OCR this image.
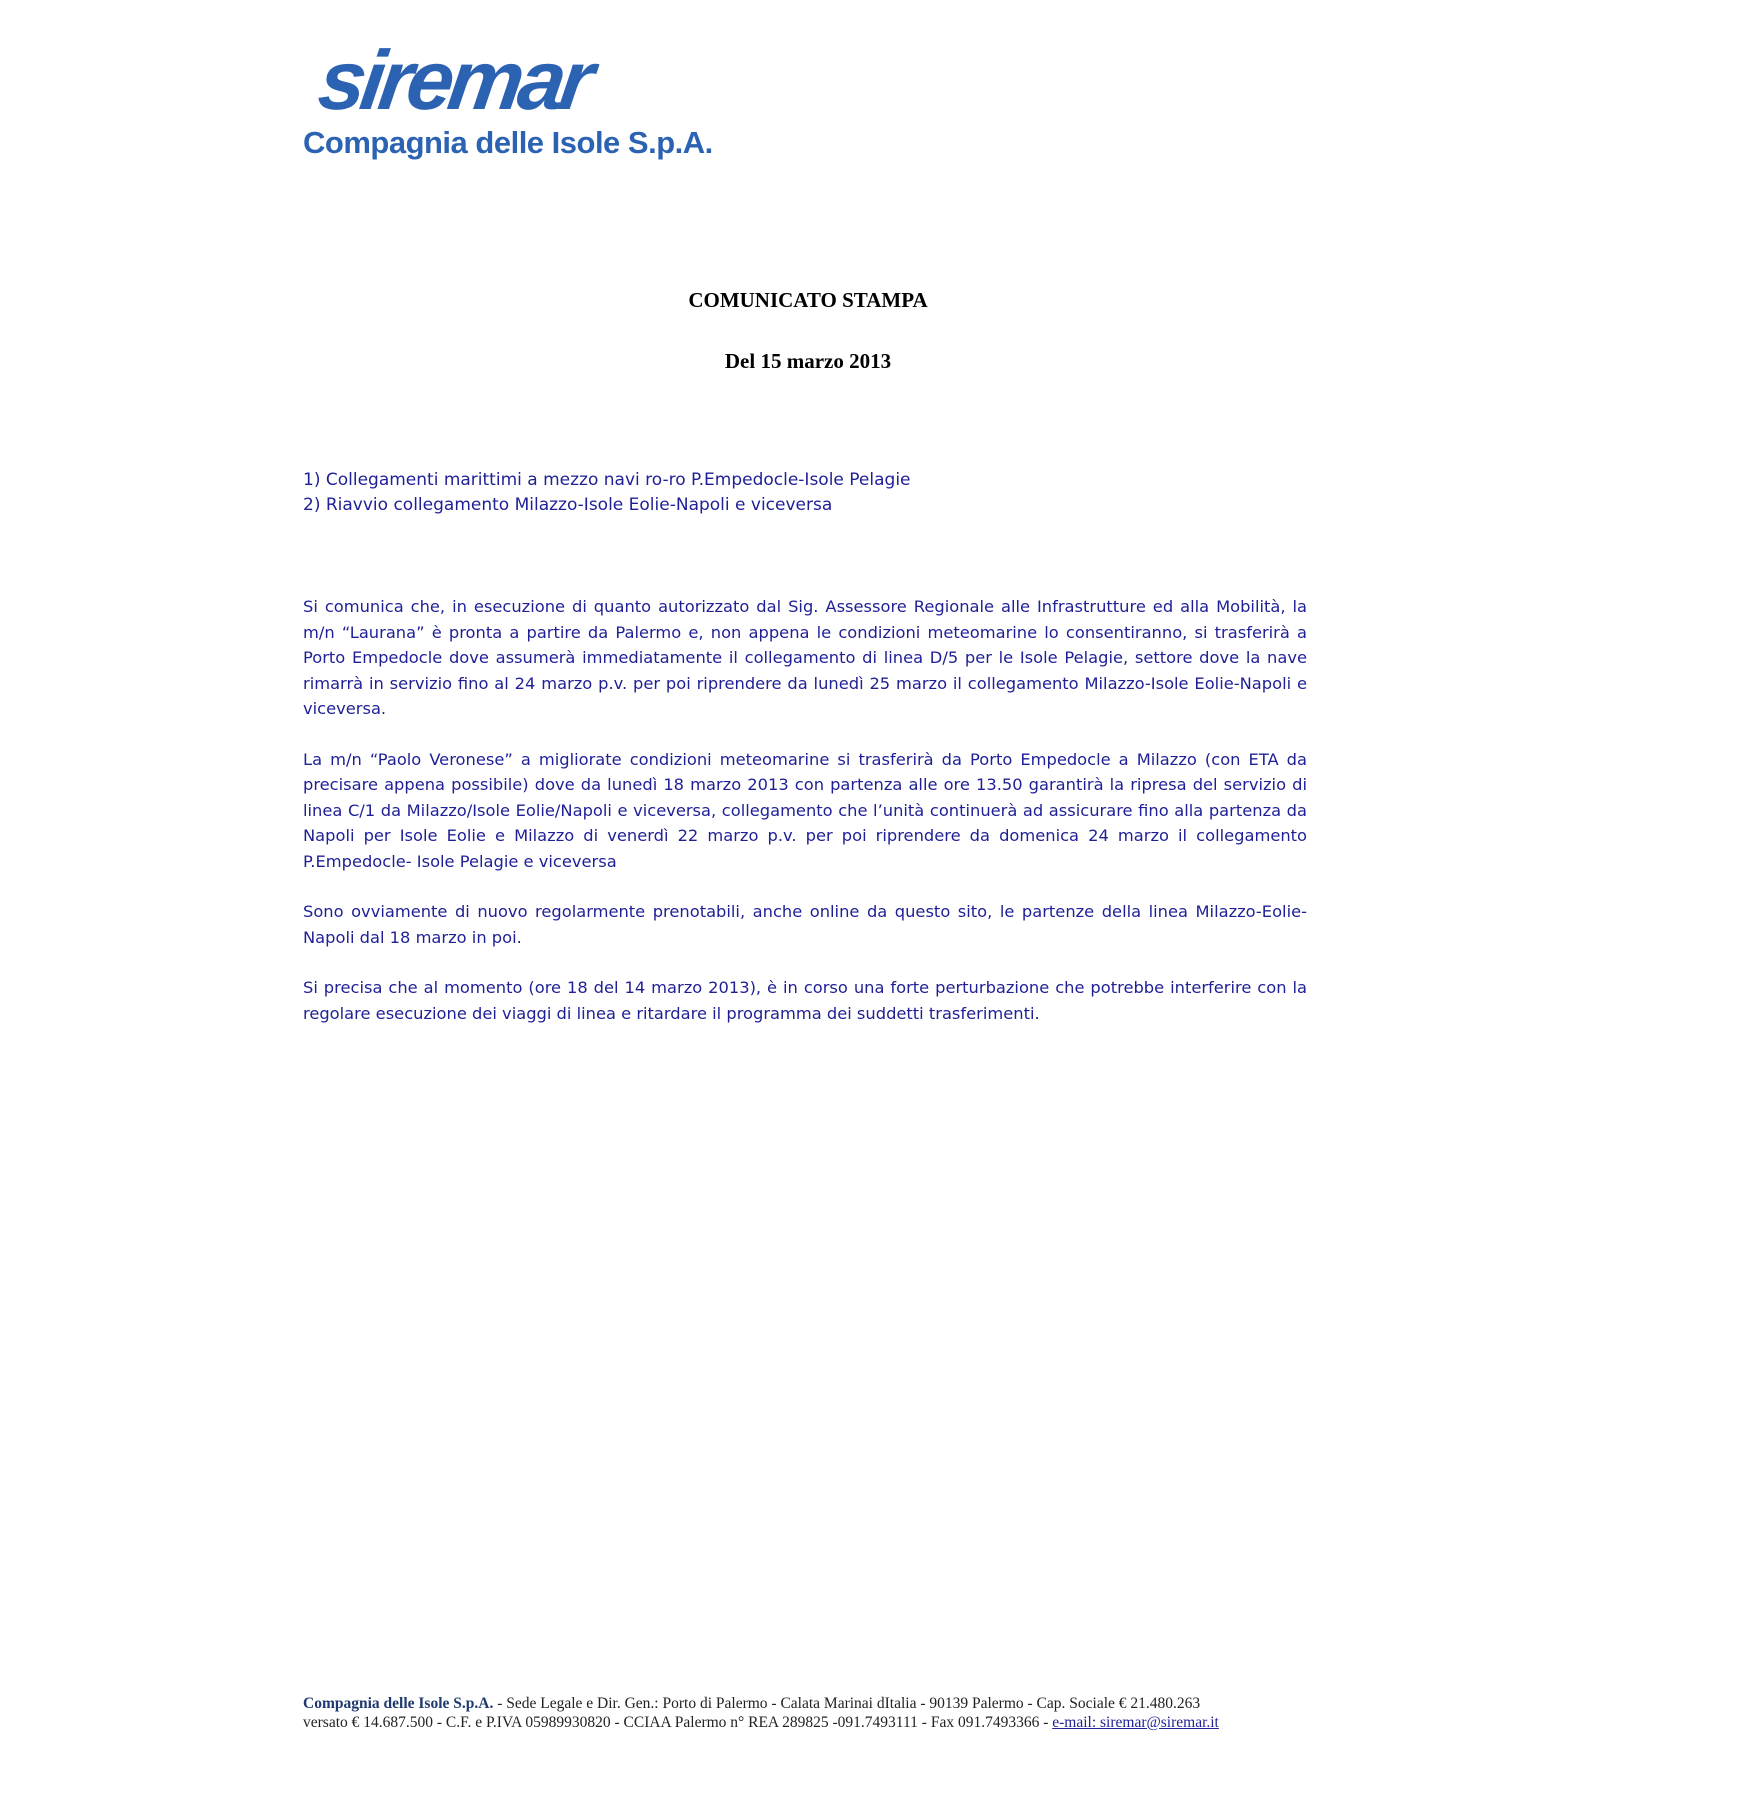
siremar
Compagnia delle Isole S.p.A.
COMUNICATO STAMPA
Del 15 marzo 2013
1) Collegamenti marittimi a mezzo navi ro-ro P.Empedocle-Isole Pelagie
2) Riavvio collegamento Milazzo-Isole Eolie-Napoli e viceversa

Si comunica che, in esecuzione di quanto autorizzato dal Sig. Assessore Regionale alle Infrastrutture ed alla Mobilità, la m/n “Laurana” è pronta a partire da Palermo e, non appena le condizioni meteomarine lo consentiranno, si trasferirà a Porto Empedocle dove assumerà immediatamente il collegamento di linea D/5 per le Isole Pelagie, settore dove la nave rimarrà in servizio fino al 24 marzo p.v. per poi riprendere da lunedì 25 marzo il collegamento Milazzo-Isole Eolie-Napoli e viceversa.

La m/n “Paolo Veronese” a migliorate condizioni meteomarine si trasferirà da Porto Empedocle a Milazzo (con ETA da precisare appena possibile) dove da lunedì 18 marzo 2013 con partenza alle ore 13.50 garantirà la ripresa del servizio di linea C/1 da Milazzo/Isole Eolie/Napoli e viceversa, collegamento che l’unità continuerà ad assicurare fino alla partenza da Napoli per Isole Eolie e Milazzo di venerdì 22 marzo p.v. per poi riprendere da domenica 24 marzo il collegamento P.Empedocle- Isole Pelagie e viceversa

Sono ovviamente di nuovo regolarmente prenotabili, anche online da questo sito, le partenze della linea Milazzo-Eolie-Napoli dal 18 marzo in poi.

Si precisa che al momento (ore 18 del 14 marzo 2013), è in corso una forte perturbazione che potrebbe interferire con la regolare esecuzione dei viaggi di linea e ritardare il programma dei suddetti trasferimenti.

Compagnia delle Isole S.p.A. - Sede Legale e Dir. Gen.: Porto di Palermo - Calata Marinai dItalia - 90139 Palermo - Cap. Sociale € 21.480.263
versato € 14.687.500 - C.F. e P.IVA 05989930820 - CCIAA Palermo n° REA 289825 -091.7493111 - Fax 091.7493366 - e-mail: siremar@siremar.it
